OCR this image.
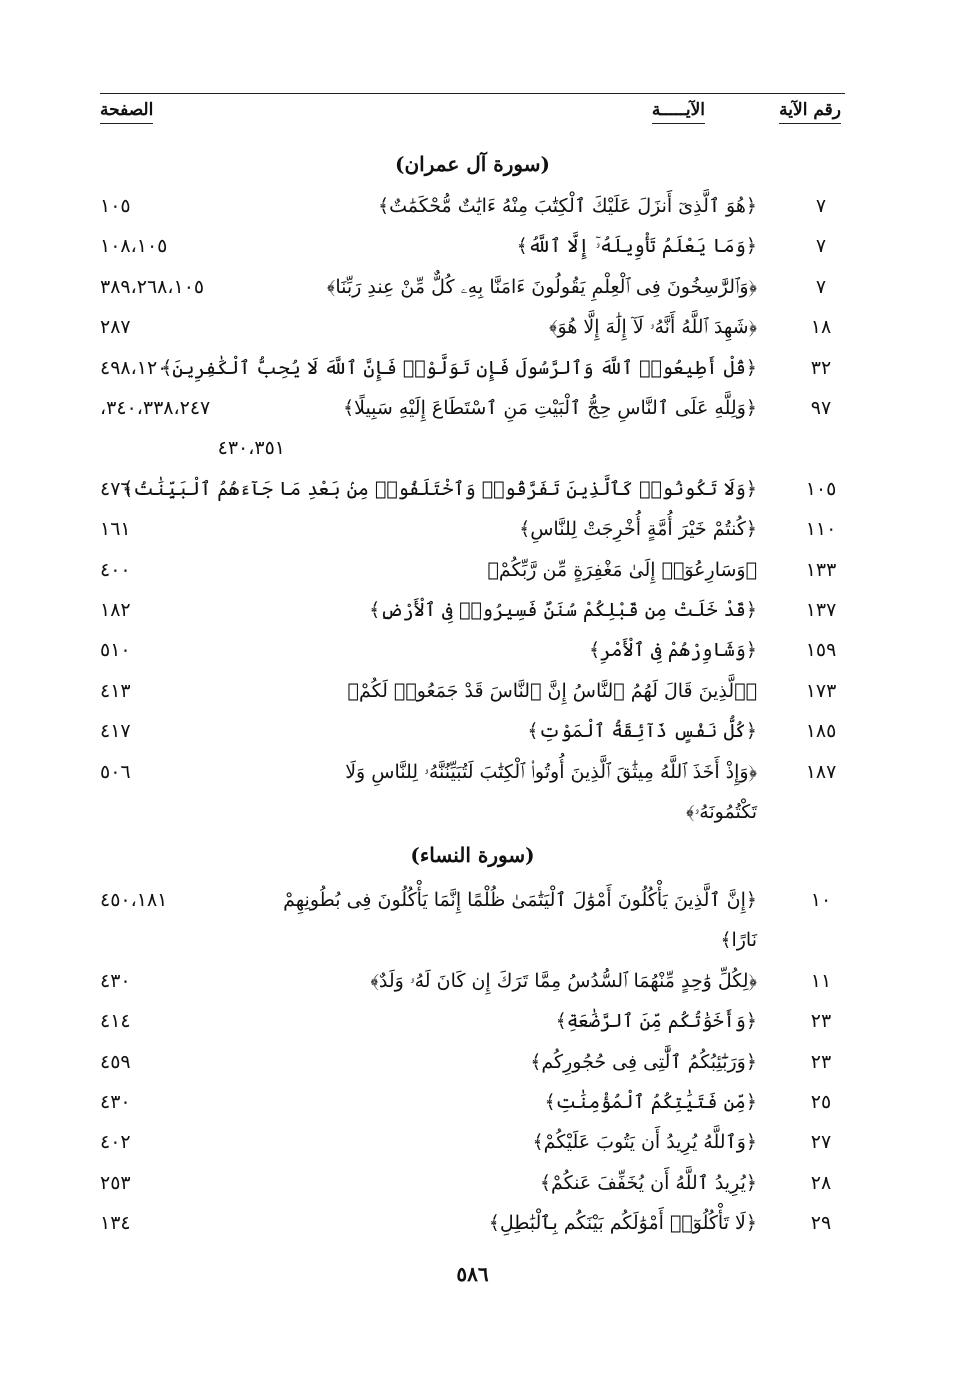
رقم الآية
الآيـــــة
الصفحة
(سورة آل عمران)
٧
﴿هُوَ ٱلَّذِىٓ أَنزَلَ عَلَيْكَ ٱلْكِتَٰبَ مِنْهُ ءَايَٰتٌ مُّحْكَمَٰتٌ﴾
١٠٥
٧
﴿وَمَا يَعْلَمُ تَأْوِيلَهُۥٓ إِلَّا ٱللَّهُ﴾
١٠٨،١٠٥
٧
﴿وَٱلرَّٰسِخُونَ فِى ٱلْعِلْمِ يَقُولُونَ ءَامَنَّا بِهِۦ كُلٌّ مِّنْ عِندِ رَبِّنَا﴾
٣٨٩،٢٦٨،١٠٥
١٨
﴿شَهِدَ ٱللَّهُ أَنَّهُۥ لَآ إِلَٰهَ إِلَّا هُوَ﴾
٢٨٧
٣٢
﴿قُلْ أَطِيعُوا۟ ٱللَّهَ وَٱلرَّسُولَ فَإِن تَوَلَّوْا۟ فَإِنَّ ٱللَّهَ لَا يُحِبُّ ٱلْكَٰفِرِينَ﴾
٤٩٨،١٢٠
٩٧
﴿وَلِلَّهِ عَلَى ٱلنَّاسِ حِجُّ ٱلْبَيْتِ مَنِ ٱسْتَطَاعَ إِلَيْهِ سَبِيلًا﴾
٣٤٠،٣٣٨،٢٤٧،
٤٣٠،٣٥١
١٠٥
﴿وَلَا تَكُونُوا۟ كَٱلَّذِينَ تَفَرَّقُوا۟ وَٱخْتَلَفُوا۟ مِنۢ بَعْدِ مَا جَآءَهُمُ ٱلْبَيِّنَٰتُ﴾
٤٧٦
١١٠
﴿كُنتُمْ خَيْرَ أُمَّةٍ أُخْرِجَتْ لِلنَّاسِ﴾
١٦١
١٣٣
﴿وَسَارِعُوٓا۟ إِلَىٰ مَغْفِرَةٍ مِّن رَّبِّكُمْ﴾
٤٠٠
١٣٧
﴿قَدْ خَلَتْ مِن قَبْلِكُمْ سُنَنٌ فَسِيرُوا۟ فِى ٱلْأَرْضِ﴾
١٨٢
١٥٩
﴿وَشَاوِرْهُمْ فِى ٱلْأَمْرِ﴾
٥١٠
١٧٣
﴿ٱلَّذِينَ قَالَ لَهُمُ ٱلنَّاسُ إِنَّ ٱلنَّاسَ قَدْ جَمَعُوا۟ لَكُمْ﴾
٤١٣
١٨٥
﴿كُلُّ نَفْسٍ ذَآئِقَةُ ٱلْمَوْتِ﴾
٤١٧
١٨٧
﴿وَإِذْ أَخَذَ ٱللَّهُ مِيثَٰقَ ٱلَّذِينَ أُوتُوا۟ ٱلْكِتَٰبَ لَتُبَيِّنُنَّهُۥ لِلنَّاسِ وَلَا
٥٠٦
تَكْتُمُونَهُۥ﴾
(سورة النساء)
١٠
﴿إِنَّ ٱلَّذِينَ يَأْكُلُونَ أَمْوَٰلَ ٱلْيَتَٰمَىٰ ظُلْمًا إِنَّمَا يَأْكُلُونَ فِى بُطُونِهِمْ
٤٥٠،١٨١
نَارًا﴾
١١
﴿لِكُلِّ وَٰحِدٍ مِّنْهُمَا ٱلسُّدُسُ مِمَّا تَرَكَ إِن كَانَ لَهُۥ وَلَدٌ﴾
٤٣٠
٢٣
﴿وَأَخَوَٰتُكُم مِّنَ ٱلرَّضَٰعَةِ﴾
٤١٤
٢٣
﴿وَرَبَٰٓئِبُكُمُ ٱلَّٰتِى فِى حُجُورِكُم﴾
٤٥٩
٢٥
﴿مِّن فَتَيَٰتِكُمُ ٱلْمُؤْمِنَٰتِ﴾
٤٣٠
٢٧
﴿وَٱللَّهُ يُرِيدُ أَن يَتُوبَ عَلَيْكُمْ﴾
٤٠٢
٢٨
﴿يُرِيدُ ٱللَّهُ أَن يُخَفِّفَ عَنكُمْ﴾
٢٥٣
٢٩
﴿لَا تَأْكُلُوٓا۟ أَمْوَٰلَكُم بَيْنَكُم بِٱلْبَٰطِلِ﴾
١٣٤
٥٨٦
